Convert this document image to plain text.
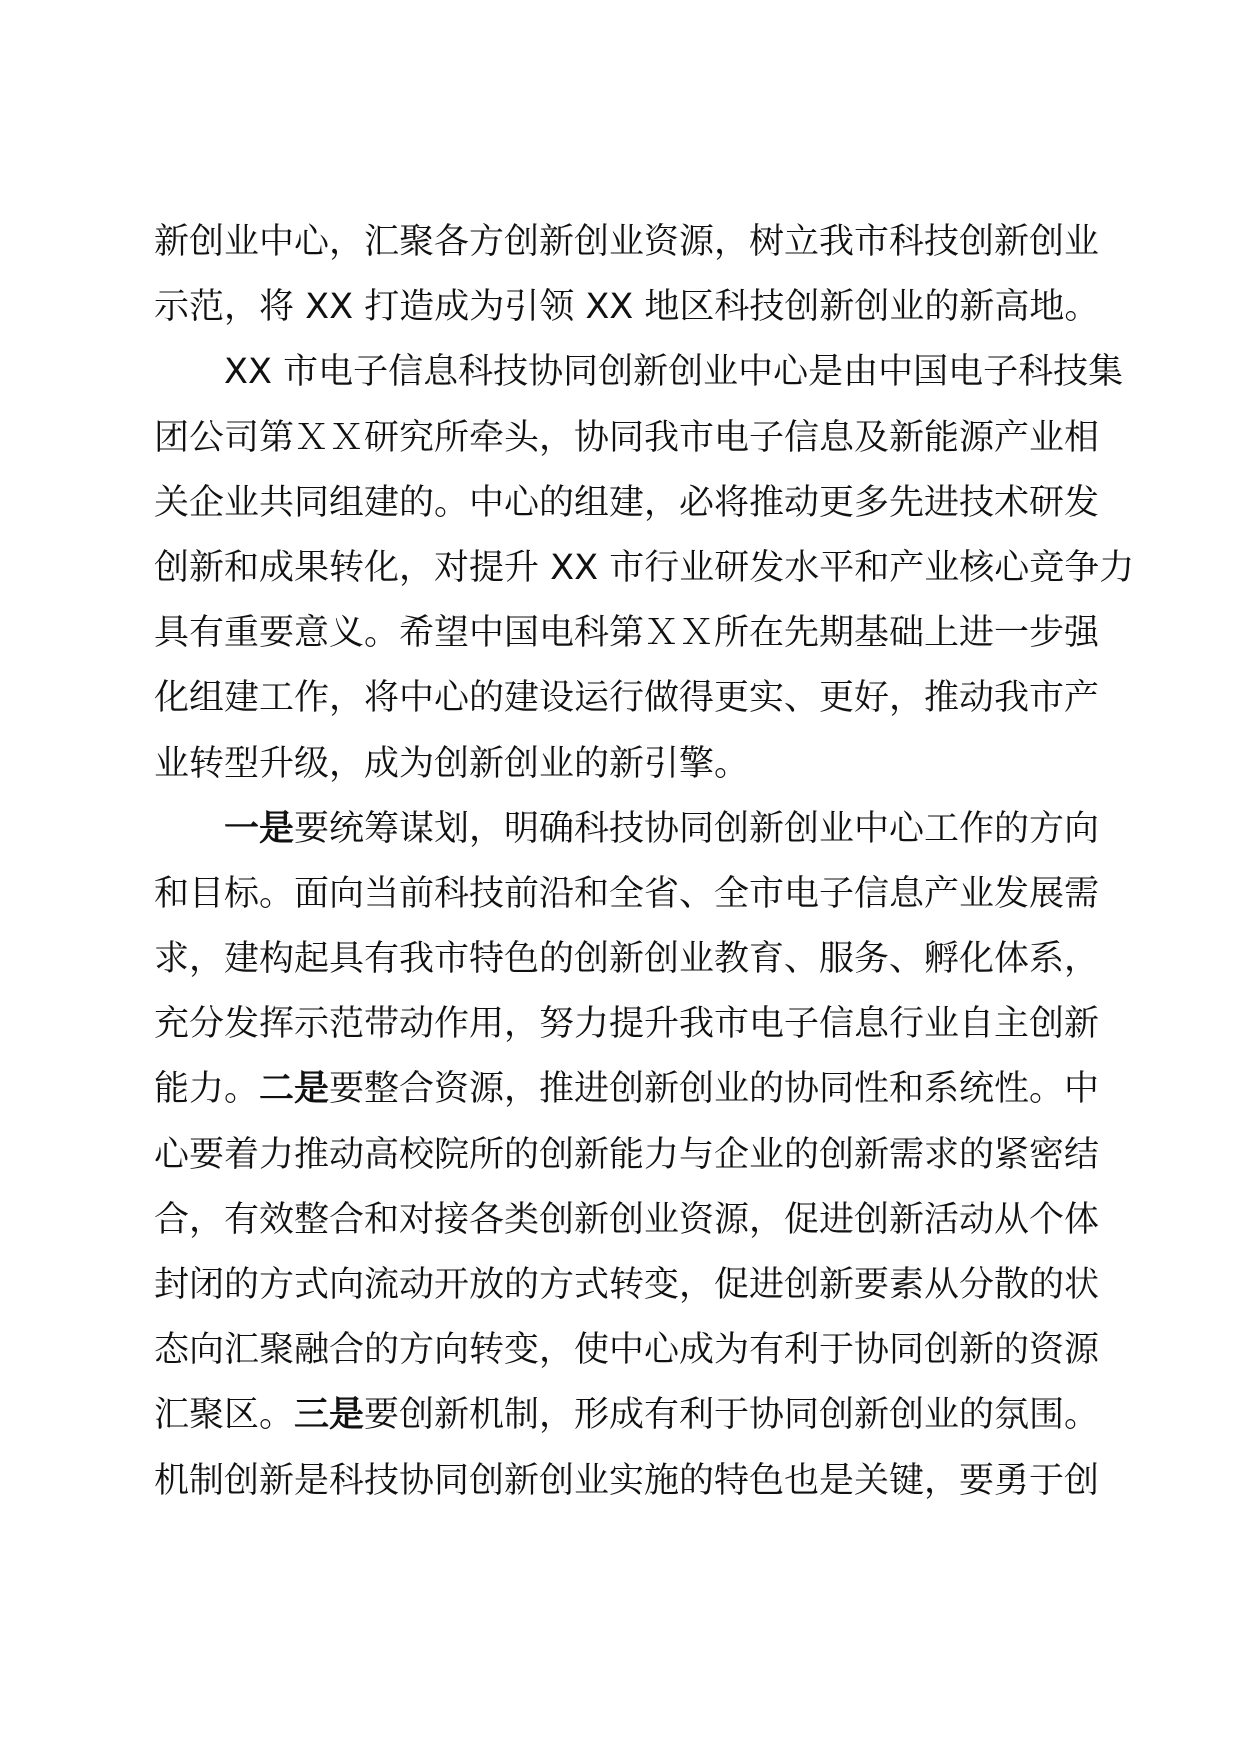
新创业中心，汇聚各方创新创业资源，树立我市科技创新创业
示范，将 XX 打造成为引领 XX 地区科技创新创业的新高地。
XX 市电子信息科技协同创新创业中心是由中国电子科技集
团公司第ＸＸ研究所牵头，协同我市电子信息及新能源产业相
关企业共同组建的。中心的组建，必将推动更多先进技术研发
创新和成果转化，对提升 XX 市行业研发水平和产业核心竞争力
具有重要意义。希望中国电科第ＸＸ所在先期基础上进一步强
化组建工作，将中心的建设运行做得更实、更好，推动我市产
业转型升级，成为创新创业的新引擎。
一是要统筹谋划，明确科技协同创新创业中心工作的方向
和目标。面向当前科技前沿和全省、全市电子信息产业发展需
求，建构起具有我市特色的创新创业教育、服务、孵化体系，
充分发挥示范带动作用，努力提升我市电子信息行业自主创新
能力。二是要整合资源，推进创新创业的协同性和系统性。中
心要着力推动高校院所的创新能力与企业的创新需求的紧密结
合，有效整合和对接各类创新创业资源，促进创新活动从个体
封闭的方式向流动开放的方式转变，促进创新要素从分散的状
态向汇聚融合的方向转变，使中心成为有利于协同创新的资源
汇聚区。三是要创新机制，形成有利于协同创新创业的氛围。
机制创新是科技协同创新创业实施的特色也是关键，要勇于创
